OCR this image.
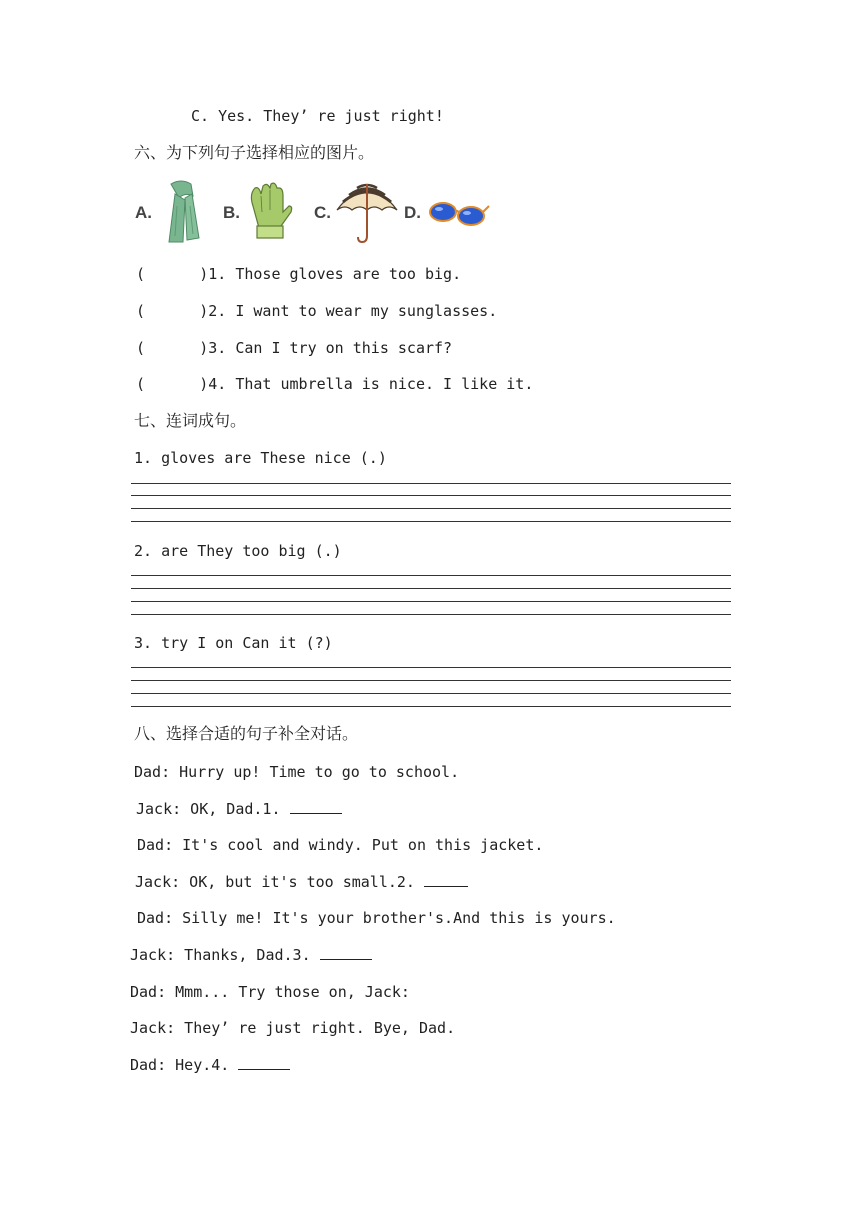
C. Yes. They’ re just right!
六、为下列句子选择相应的图片。
A.	B.	C.	D.
(      )1. Those gloves are too big.
(      )2. I want to wear my sunglasses.
(      )3. Can I try on this scarf?
(      )4. That umbrella is nice. I like it.
七、连词成句。
1. gloves are These nice (.)
2. are They too big (.)
3. try I on Can it (?)
八、选择合适的句子补全对话。
Dad: Hurry up! Time to go to school.
Jack: OK, Dad.1.
Dad: It's cool and windy. Put on this jacket.
Jack: OK, but it's too small.2.
Dad: Silly me! It's your brother's.And this is yours.
Jack: Thanks, Dad.3.
Dad: Mmm... Try those on, Jack:
Jack: They’ re just right. Bye, Dad.
Dad: Hey.4.
